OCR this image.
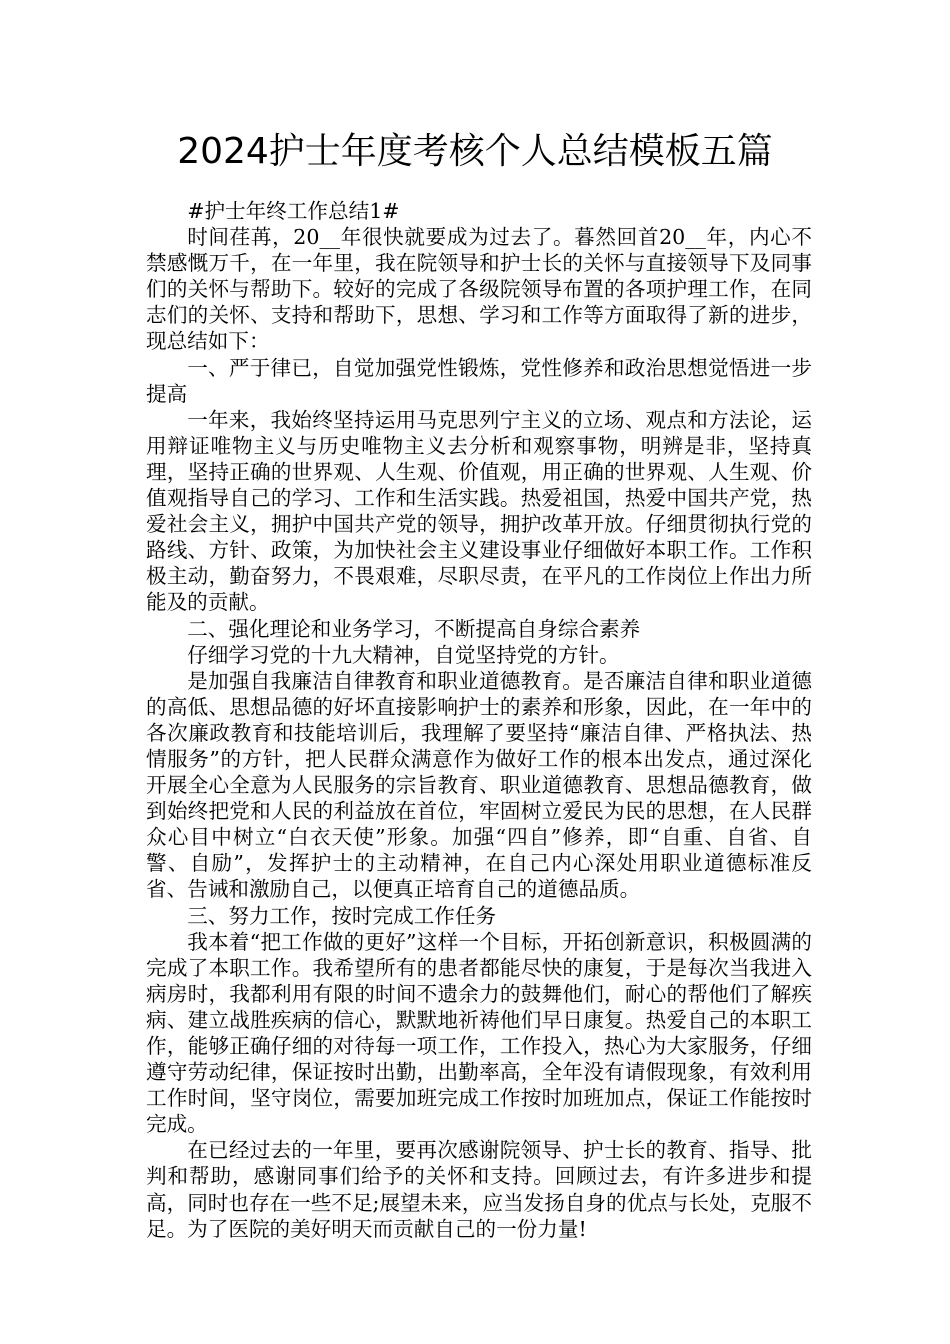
2024护士年度考核个人总结模板五篇

#护士年终工作总结1#

时间荏苒，20__年很快就要成为过去了。暮然回首20__年，内心不禁感慨万千，在一年里，我在院领导和护士长的关怀与直接领导下及同事们的关怀与帮助下。较好的完成了各级院领导布置的各项护理工作，在同志们的关怀、支持和帮助下，思想、学习和工作等方面取得了新的进步，现总结如下：

一、严于律已，自觉加强党性锻炼，党性修养和政治思想觉悟进一步提高

一年来，我始终坚持运用马克思列宁主义的立场、观点和方法论，运用辩证唯物主义与历史唯物主义去分析和观察事物，明辨是非，坚持真理，坚持正确的世界观、人生观、价值观，用正确的世界观、人生观、价值观指导自己的学习、工作和生活实践。热爱祖国，热爱中国共产党，热爱社会主义，拥护中国共产党的领导，拥护改革开放。仔细贯彻执行党的路线、方针、政策，为加快社会主义建设事业仔细做好本职工作。工作积极主动，勤奋努力，不畏艰难，尽职尽责，在平凡的工作岗位上作出力所能及的贡献。

二、强化理论和业务学习，不断提高自身综合素养

仔细学习党的十九大精神，自觉坚持党的方针。

是加强自我廉洁自律教育和职业道德教育。是否廉洁自律和职业道德的高低、思想品德的好坏直接影响护士的素养和形象，因此，在一年中的各次廉政教育和技能培训后，我理解了要坚持“廉洁自律、严格执法、热情服务”的方针，把人民群众满意作为做好工作的根本出发点，通过深化开展全心全意为人民服务的宗旨教育、职业道德教育、思想品德教育，做到始终把党和人民的利益放在首位，牢固树立爱民为民的思想，在人民群众心目中树立“白衣天使”形象。加强“四自”修养，即“自重、自省、自警、自励”，发挥护士的主动精神，在自己内心深处用职业道德标准反省、告诫和激励自己，以便真正培育自己的道德品质。

三、努力工作，按时完成工作任务

我本着“把工作做的更好”这样一个目标，开拓创新意识，积极圆满的完成了本职工作。我希望所有的患者都能尽快的康复，于是每次当我进入病房时，我都利用有限的时间不遗余力的鼓舞他们，耐心的帮他们了解疾病、建立战胜疾病的信心，默默地祈祷他们早日康复。热爱自己的本职工作，能够正确仔细的对待每一项工作，工作投入，热心为大家服务，仔细遵守劳动纪律，保证按时出勤，出勤率高，全年没有请假现象，有效利用工作时间，坚守岗位，需要加班完成工作按时加班加点，保证工作能按时完成。

在已经过去的一年里，要再次感谢院领导、护士长的教育、指导、批判和帮助，感谢同事们给予的关怀和支持。回顾过去，有许多进步和提高，同时也存在一些不足;展望未来，应当发扬自身的优点与长处，克服不足。为了医院的美好明天而贡献自己的一份力量!
